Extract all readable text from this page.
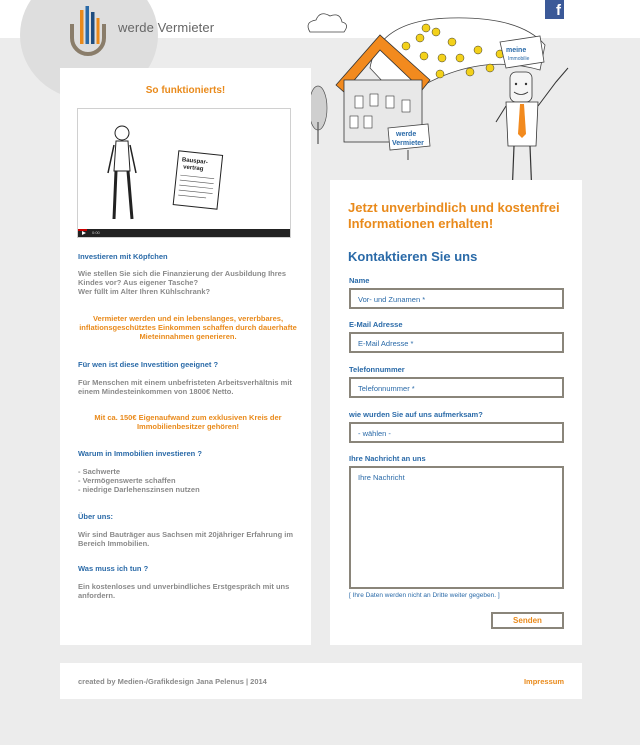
werde Vermieter
f
meine
Immobilie
werde
Vermieter
So funktionierts!
Bauspar-
vertrag
0:00
Investieren mit Köpfchen
Wie stellen Sie sich die Finanzierung der Ausbildung Ihres Kindes vor? Aus eigener Tasche?
Wer füllt im Alter Ihren Kühlschrank?
Vermieter werden und ein lebenslanges, vererbbares, inflationsgeschütztes Einkommen schaffen durch dauerhafte Mieteinnahmen generieren.
Für wen ist diese Investition geeignet ?
Für Menschen mit einem unbefristeten Arbeitsverhältnis mit einem Mindesteinkommen von 1800€ Netto.
Mit ca. 150€ Eigenaufwand zum exklusiven Kreis der Immobilienbesitzer gehören!
Warum in Immobilien investieren ?
- Sachwerte
- Vermögenswerte schaffen
- niedrige Darlehenszinsen nutzen
Über uns:
Wir sind Bauträger aus Sachsen mit 20jähriger Erfahrung im Bereich Immobilien.
Was muss ich tun ?
Ein kostenloses und unverbindliches Erstgespräch mit uns anfordern.
Jetzt unverbindlich und kostenfrei Informationen erhalten!
Kontaktieren Sie uns
Name
Vor- und Zunamen *
E-Mail Adresse
E-Mail Adresse *
Telefonnummer
Telefonnummer *
wie wurden Sie auf uns aufmerksam?
- wählen -
Ihre Nachricht an uns
Ihre Nachricht
[ Ihre Daten werden nicht an Dritte weiter gegeben. ]
Senden
created by Medien-/Grafikdesign Jana Pelenus | 2014	Impressum
